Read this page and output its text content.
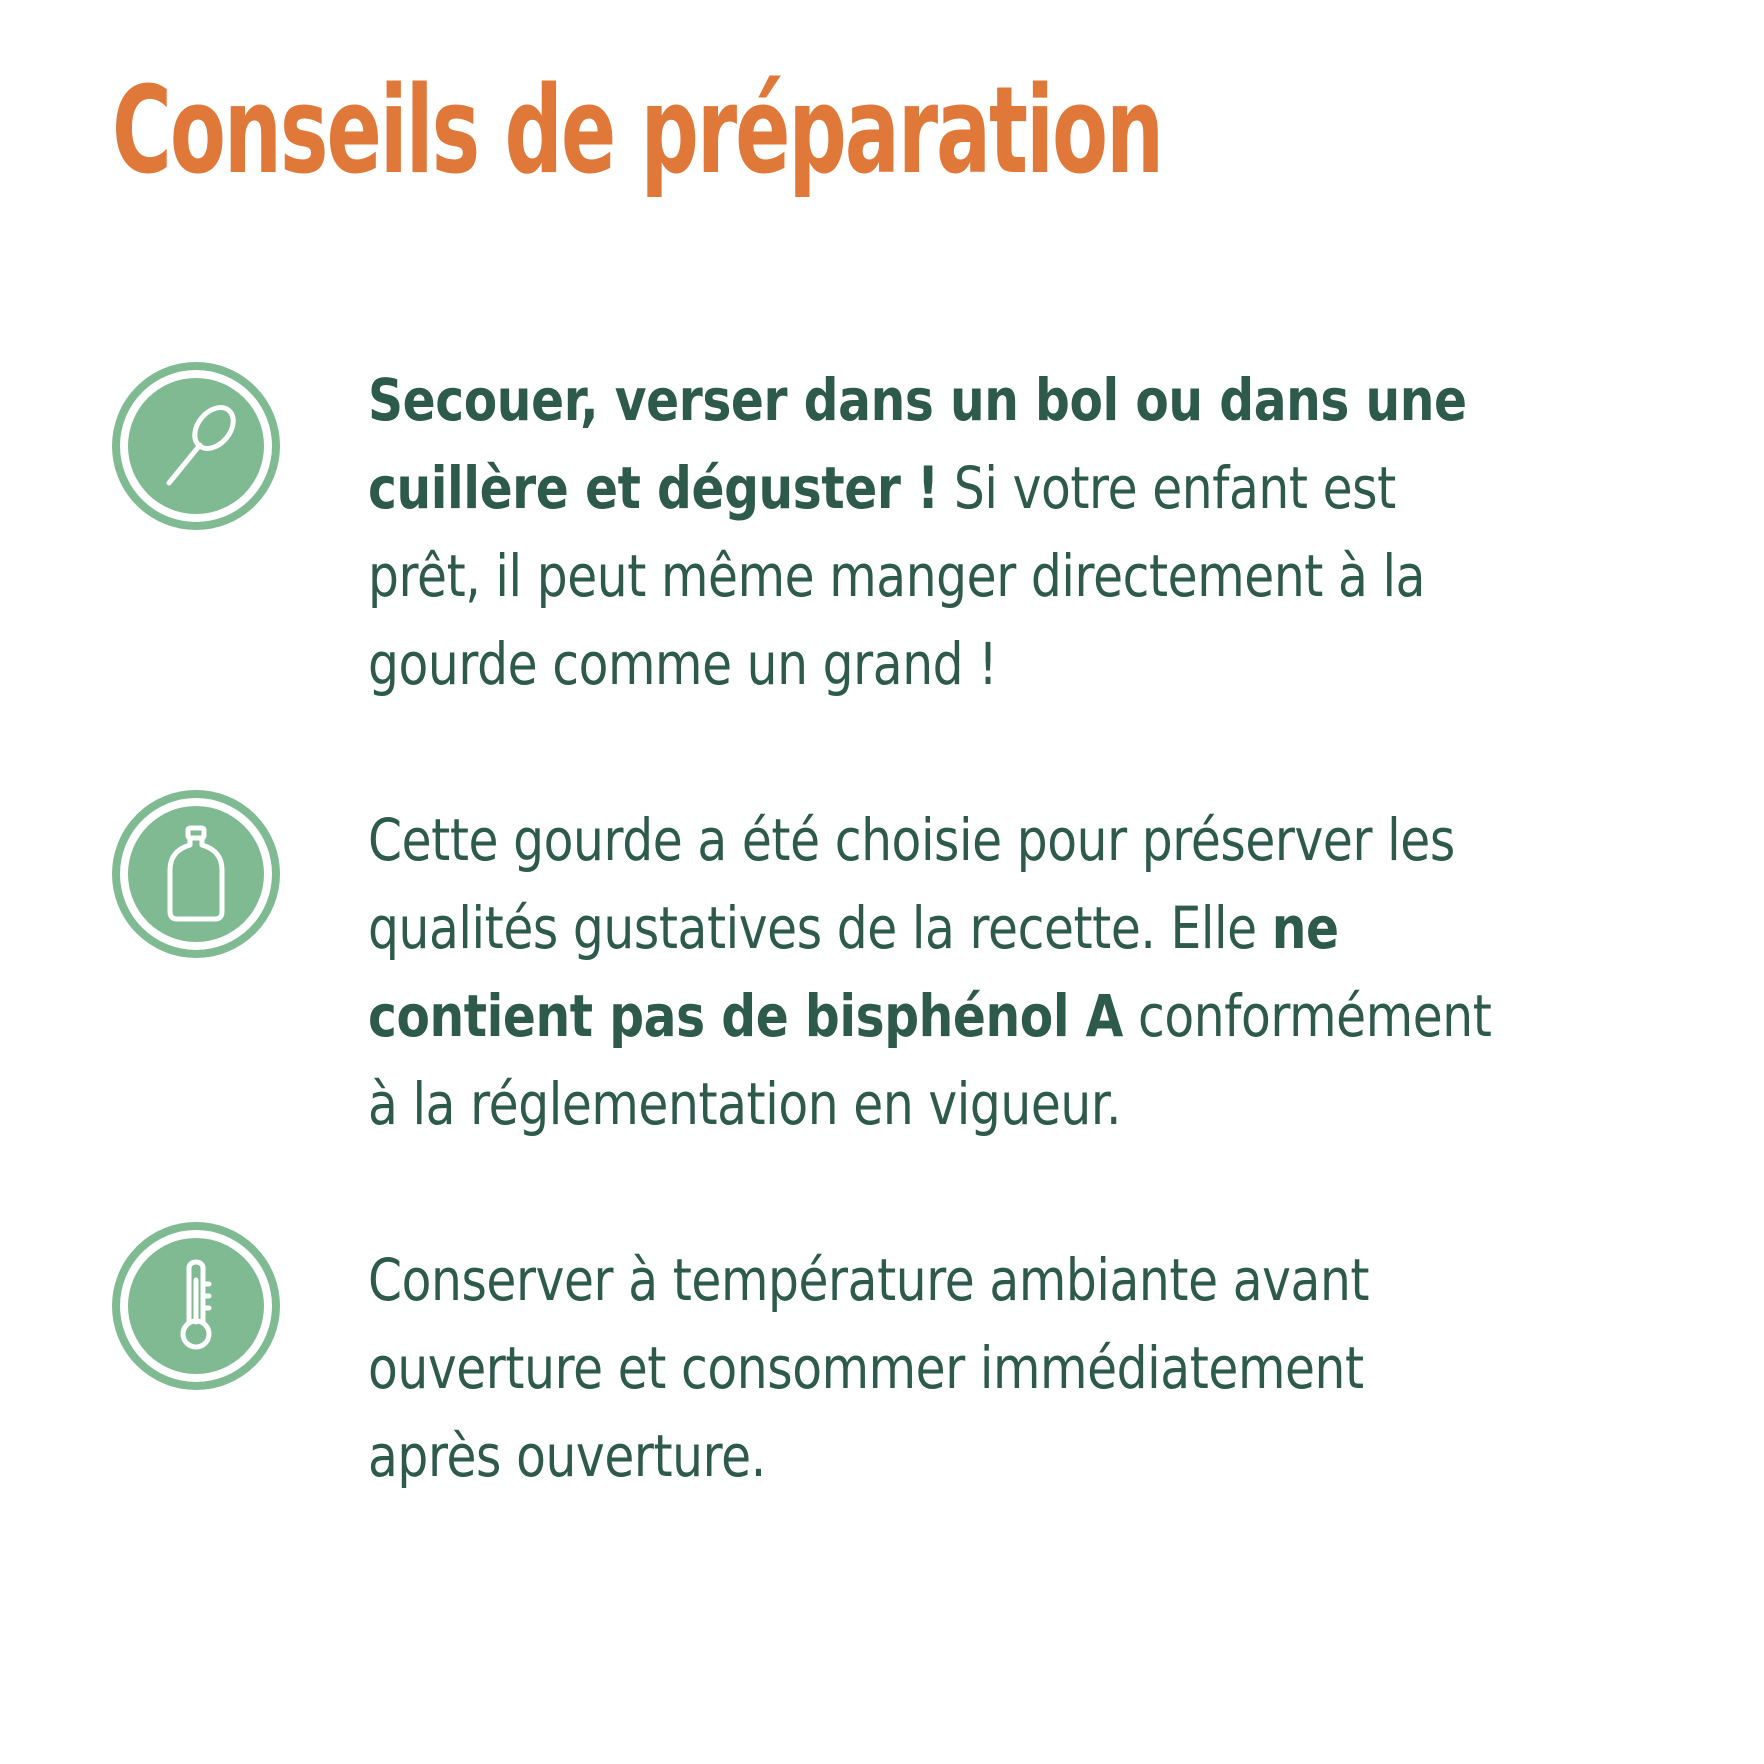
Conseils de préparation

Secouer, verser dans un bol ou dans une cuillère et déguster ! Si votre enfant est prêt, il peut même manger directement à la gourde comme un grand !

Cette gourde a été choisie pour préserver les qualités gustatives de la recette. Elle ne contient pas de bisphénol A conformément à la réglementation en vigueur.

Conserver à température ambiante avant ouverture et consommer immédiatement après ouverture.
